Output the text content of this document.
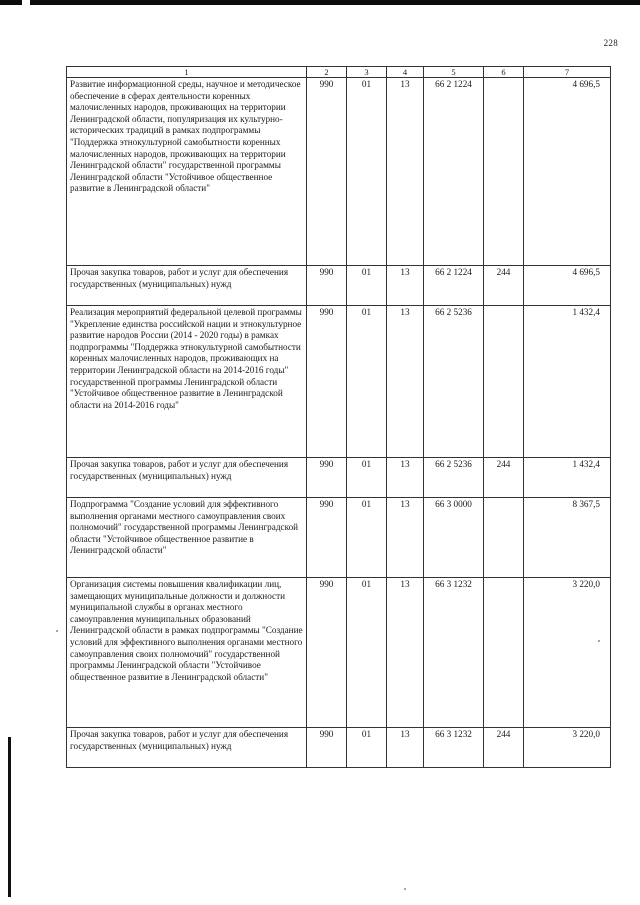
228
1	2	3	4	5	6	7
Развитие информационной среды, научное и методическое обеспечение в сферах деятельности коренных малочисленных народов, проживающих на территории Ленинградской области, популяризация их культурно-исторических традиций в рамках подпрограммы "Поддержка этнокультурной самобытности коренных малочисленных народов, проживающих на территории Ленинградской области" государственной программы Ленинградской области "Устойчивое общественное развитие в Ленинградской области"	990	01	13	66 2 1224		4 696,5
Прочая закупка товаров, работ и услуг для обеспечения государственных (муниципальных) нужд	990	01	13	66 2 1224	244	4 696,5
Реализация мероприятий федеральной целевой программы "Укрепление единства российской нации и этнокультурное развитие народов России (2014 - 2020 годы) в рамках подпрограммы "Поддержка этнокультурной самобытности коренных малочисленных народов, проживающих на территории Ленинградской области на 2014-2016 годы" государственной программы Ленинградской области "Устойчивое общественное развитие в Ленинградской области на 2014-2016 годы"	990	01	13	66 2 5236		1 432,4
Прочая закупка товаров, работ и услуг для обеспечения государственных (муниципальных) нужд	990	01	13	66 2 5236	244	1 432,4
Подпрограмма "Создание условий для эффективного выполнения органами местного самоуправления своих полномочий" государственной программы Ленинградской области "Устойчивое общественное развитие в Ленинградской области"	990	01	13	66 3 0000		8 367,5
Организация системы повышения квалификации лиц, замещающих муниципальные должности и должности муниципальной службы в органах местного самоуправления муниципальных образований Ленинградской области в рамках подпрограммы "Создание условий для эффективного выполнения органами местного самоуправления своих полномочий" государственной программы Ленинградской области "Устойчивое общественное развитие в Ленинградской области"	990	01	13	66 3 1232		3 220,0
Прочая закупка товаров, работ и услуг для обеспечения государственных (муниципальных) нужд	990	01	13	66 3 1232	244	3 220,0
